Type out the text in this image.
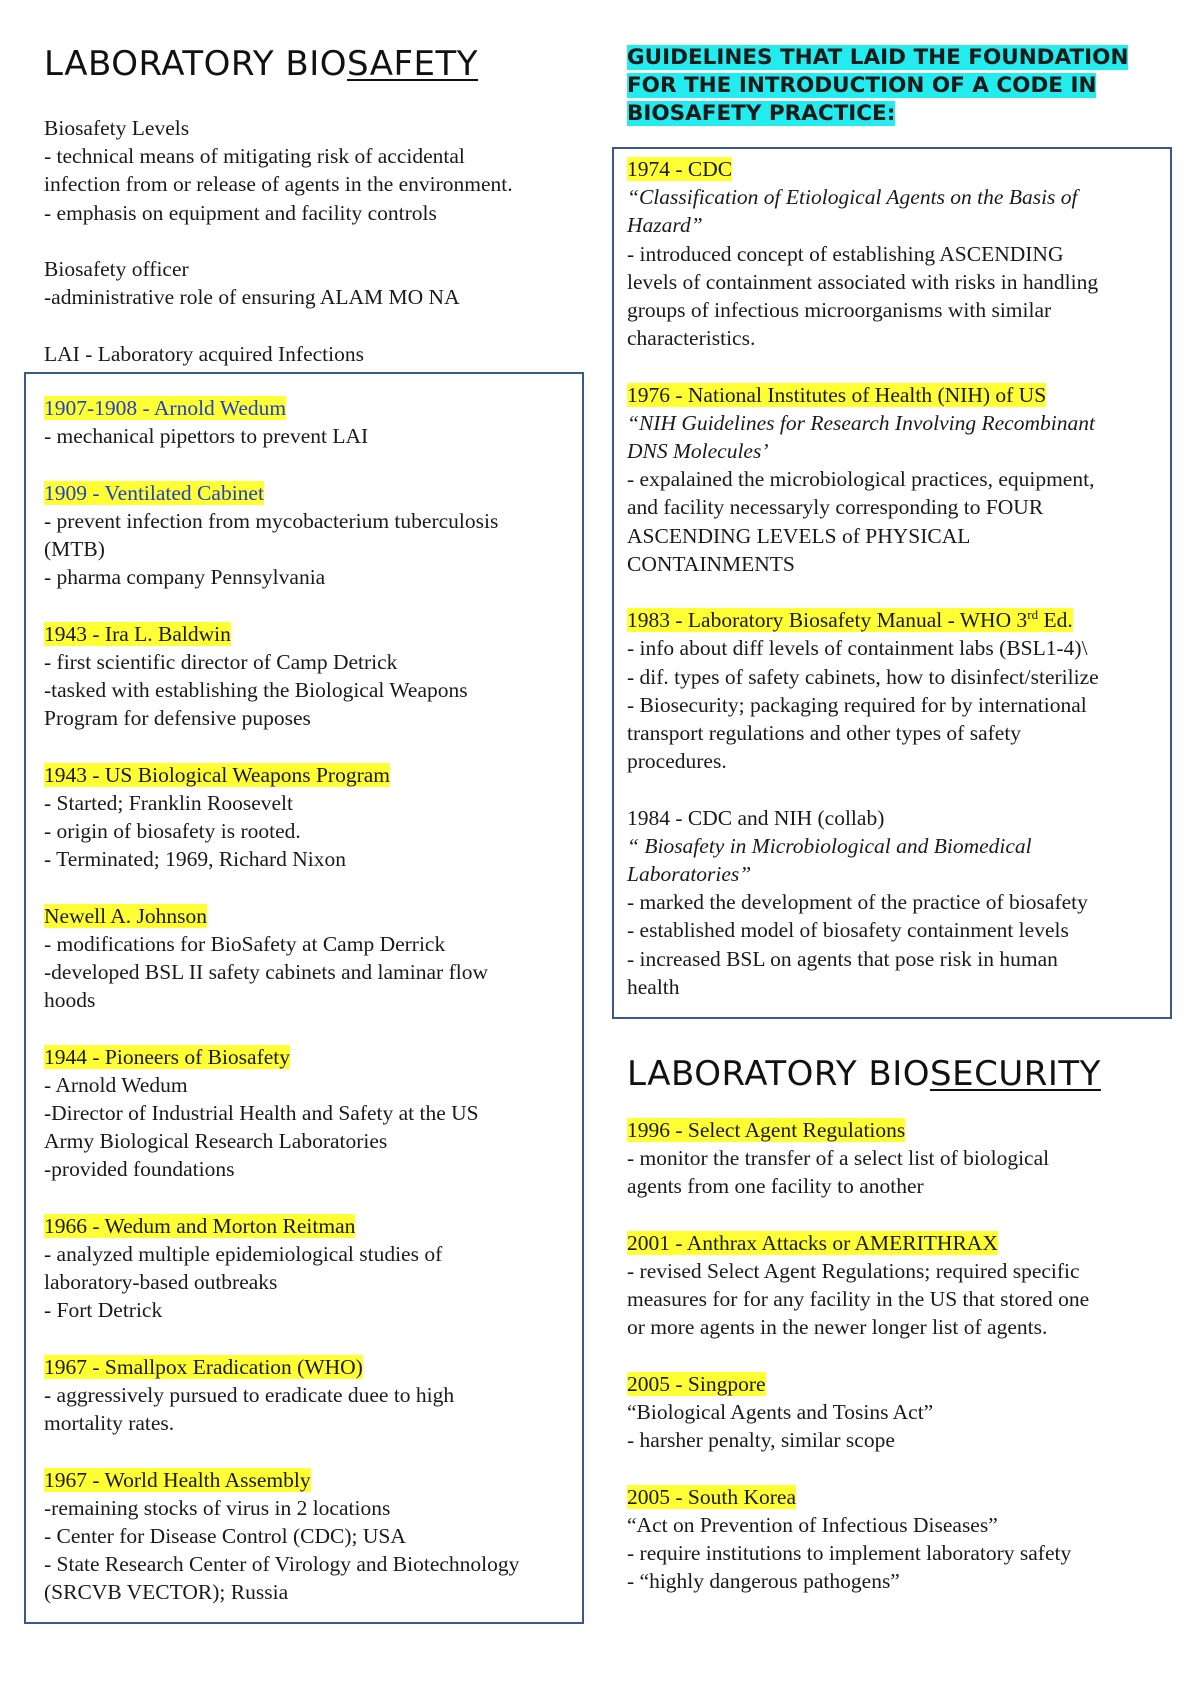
LABORATORY BIOSAFETY
Biosafety Levels
- technical means of mitigating risk of accidental
infection from or release of agents in the environment.
- emphasis on equipment and facility controls
Biosafety officer
-administrative role of ensuring ALAM MO NA
LAI - Laboratory acquired Infections
1907-1908 - Arnold Wedum
- mechanical pipettors to prevent LAI
1909 - Ventilated Cabinet
- prevent infection from mycobacterium tuberculosis
(MTB)
- pharma company Pennsylvania
1943 - Ira L. Baldwin
- first scientific director of Camp Detrick
-tasked with establishing the Biological Weapons
Program for defensive puposes
1943 - US Biological Weapons Program
- Started; Franklin Roosevelt
- origin of biosafety is rooted.
- Terminated; 1969, Richard Nixon
Newell A. Johnson
- modifications for BioSafety at Camp Derrick
-developed BSL II safety cabinets and laminar flow
hoods
1944 - Pioneers of Biosafety
- Arnold Wedum
-Director of Industrial Health and Safety at the US
Army Biological Research Laboratories
-provided foundations
1966 - Wedum and Morton Reitman
- analyzed multiple epidemiological studies of
laboratory-based outbreaks
- Fort Detrick
1967 - Smallpox Eradication (WHO)
- aggressively pursued to eradicate duee to high
mortality rates.
1967 - World Health Assembly
-remaining stocks of virus in 2 locations
- Center for Disease Control (CDC); USA
- State Research Center of Virology and Biotechnology
(SRCVB VECTOR); Russia
GUIDELINES THAT LAID THE FOUNDATION
FOR THE INTRODUCTION OF A CODE IN
BIOSAFETY PRACTICE:
1974 - CDC
“Classification of Etiological Agents on the Basis of
Hazard”
- introduced concept of establishing ASCENDING
levels of containment associated with risks in handling
groups of infectious microorganisms with similar
characteristics.
1976 - National Institutes of Health (NIH) of US
“NIH Guidelines for Research Involving Recombinant
DNS Molecules’
- expalained the microbiological practices, equipment,
and facility necessaryly corresponding to FOUR
ASCENDING LEVELS of PHYSICAL
CONTAINMENTS
1983 - Laboratory Biosafety Manual - WHO 3rd Ed.
- info about diff levels of containment labs (BSL1-4)\
- dif. types of safety cabinets, how to disinfect/sterilize
- Biosecurity; packaging required for by international
transport regulations and other types of safety
procedures.
1984 - CDC and NIH (collab)
“ Biosafety in Microbiological and Biomedical
Laboratories”
- marked the development of the practice of biosafety
- established model of biosafety containment levels
- increased BSL on agents that pose risk in human
health
LABORATORY BIOSECURITY
1996 - Select Agent Regulations
- monitor the transfer of a select list of biological
agents from one facility to another
2001 - Anthrax Attacks or AMERITHRAX
- revised Select Agent Regulations; required specific
measures for for any facility in the US that stored one
or more agents in the newer longer list of agents.
2005 - Singpore
“Biological Agents and Tosins Act”
- harsher penalty, similar scope
2005 - South Korea
“Act on Prevention of Infectious Diseases”
- require institutions to implement laboratory safety
- “highly dangerous pathogens”
